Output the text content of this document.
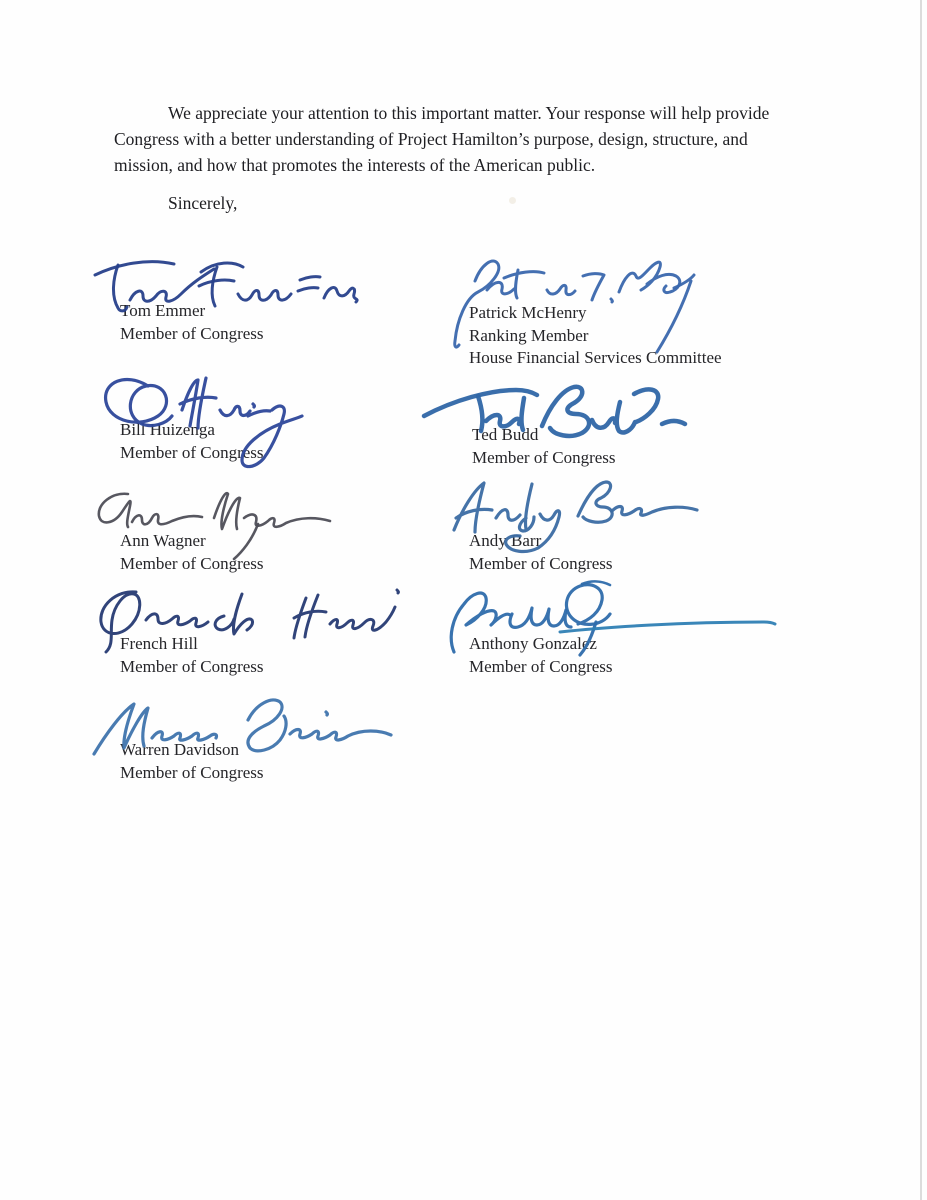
We appreciate your attention to this important matter. Your response will help provide
Congress with a better understanding of Project Hamilton’s purpose, design, structure, and
mission, and how that promotes the interests of the American public.
Sincerely,
Tom Emmer
Member of Congress
Patrick McHenry
Ranking Member
House Financial Services Committee
Bill Huizenga
Member of Congress
Ted Budd
Member of Congress
Ann Wagner
Member of Congress
Andy Barr
Member of Congress
French Hill
Member of Congress
Anthony Gonzalez
Member of Congress
Warren Davidson
Member of Congress
